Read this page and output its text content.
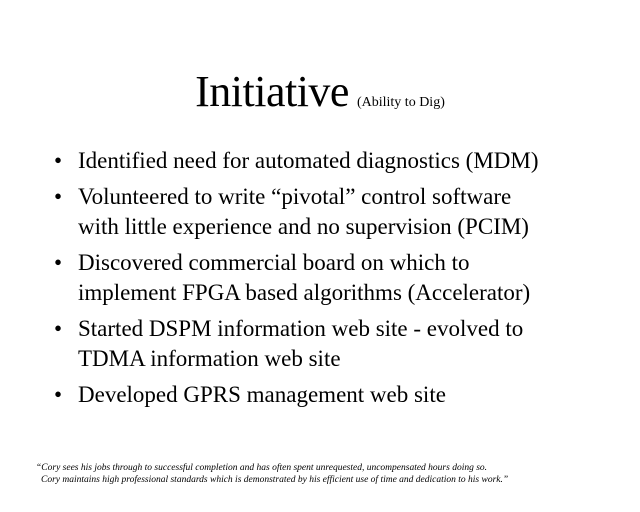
Initiative (Ability to Dig)
• Identified need for automated diagnostics (MDM)
• Volunteered to write “pivotal” control software
with little experience and no supervision (PCIM)
• Discovered commercial board on which to
implement FPGA based algorithms (Accelerator)
• Started DSPM information web site - evolved to
TDMA information web site
• Developed GPRS management web site
“Cory sees his jobs through to successful completion and has often spent unrequested, uncompensated hours doing so.
Cory maintains high professional standards which is demonstrated by his efficient use of time and dedication to his work.”
